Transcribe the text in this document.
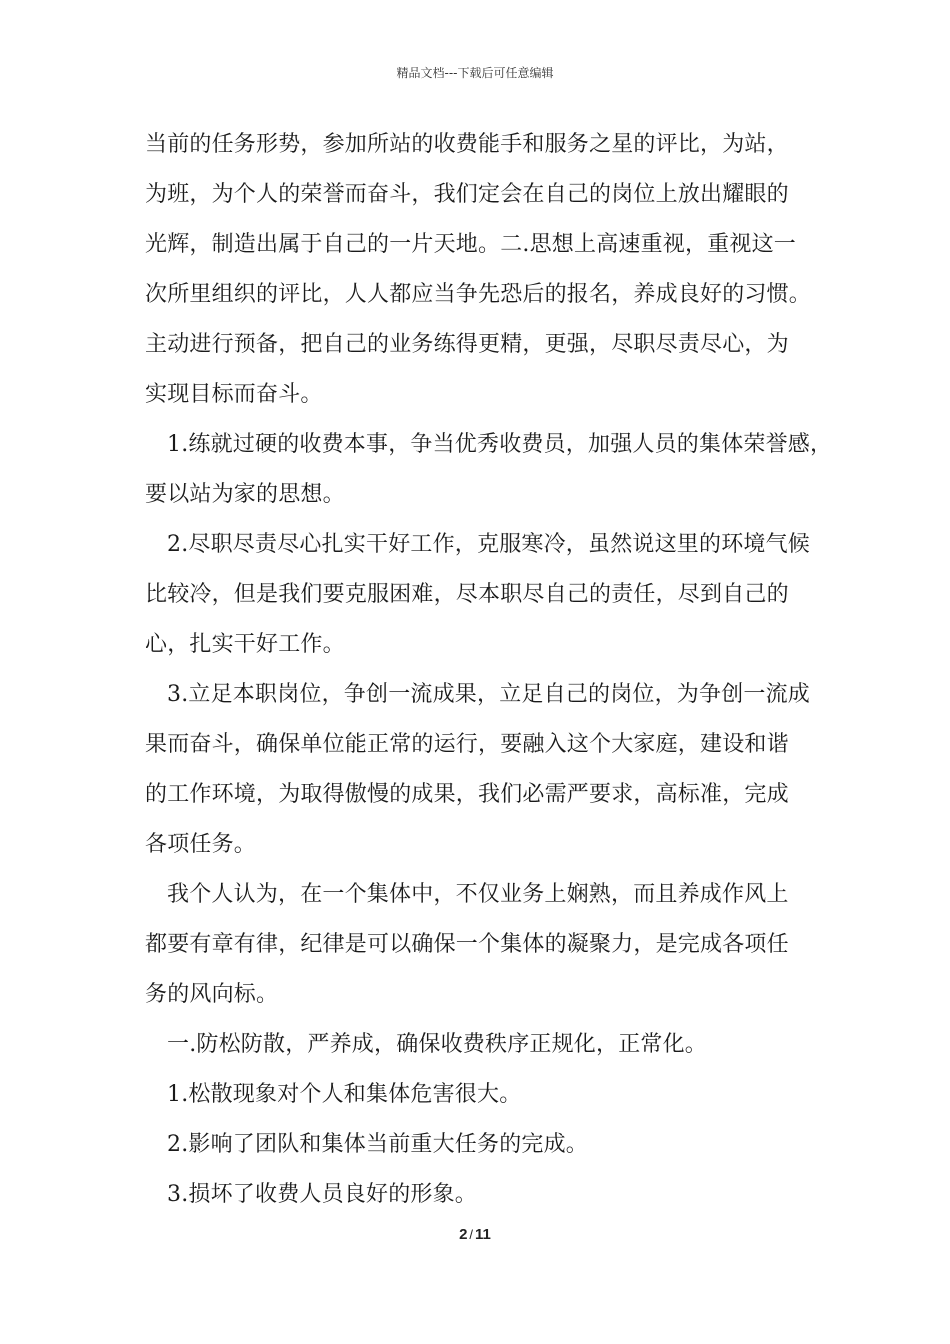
精品文档---下载后可任意编辑
当前的任务形势，参加所站的收费能手和服务之星的评比，为站，
为班，为个人的荣誉而奋斗，我们定会在自己的岗位上放出耀眼的
光辉，制造出属于自己的一片天地。二.思想上高速重视，重视这一
次所里组织的评比，人人都应当争先恐后的报名，养成良好的习惯。
主动进行预备，把自己的业务练得更精，更强，尽职尽责尽心，为
实现目标而奋斗。
1.练就过硬的收费本事，争当优秀收费员，加强人员的集体荣誉感，
要以站为家的思想。
2.尽职尽责尽心扎实干好工作，克服寒冷，虽然说这里的环境气候
比较冷，但是我们要克服困难，尽本职尽自己的责任，尽到自己的
心，扎实干好工作。
3.立足本职岗位，争创一流成果，立足自己的岗位，为争创一流成
果而奋斗，确保单位能正常的运行，要融入这个大家庭，建设和谐
的工作环境，为取得傲慢的成果，我们必需严要求，高标准，完成
各项任务。
我个人认为，在一个集体中，不仅业务上娴熟，而且养成作风上
都要有章有律，纪律是可以确保一个集体的凝聚力，是完成各项任
务的风向标。
一.防松防散，严养成，确保收费秩序正规化，正常化。
1.松散现象对个人和集体危害很大。
2.影响了团队和集体当前重大任务的完成。
3.损坏了收费人员良好的形象。
2 / 11
